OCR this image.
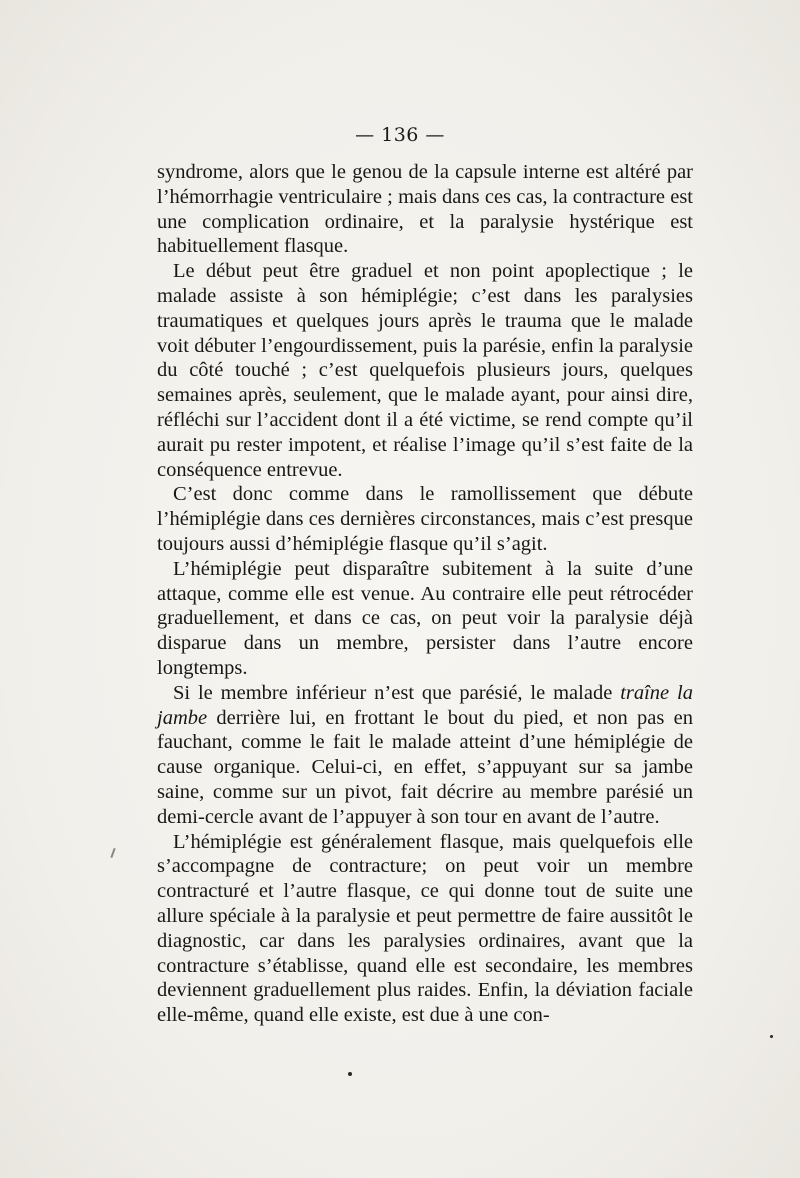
— 136 —

syndrome, alors que le genou de la capsule interne est altéré par l’hémorrhagie ventriculaire ; mais dans ces cas, la contracture est une complication ordinaire, et la paralysie hystérique est habituellement flasque.

Le début peut être graduel et non point apoplectique ; le malade assiste à son hémiplégie; c’est dans les paralysies traumatiques et quelques jours après le trauma que le malade voit débuter l’engourdissement, puis la parésie, enfin la paralysie du côté touché ; c’est quelquefois plusieurs jours, quelques semaines après, seulement, que le malade ayant, pour ainsi dire, réfléchi sur l’accident dont il a été victime, se rend compte qu’il aurait pu rester impotent, et réalise l’image qu’il s’est faite de la conséquence entrevue.

C’est donc comme dans le ramollissement que débute l’hémiplégie dans ces dernières circonstances, mais c’est presque toujours aussi d’hémiplégie flasque qu’il s’agit.

L’hémiplégie peut disparaître subitement à la suite d’une attaque, comme elle est venue. Au contraire elle peut rétrocéder graduellement, et dans ce cas, on peut voir la paralysie déjà disparue dans un membre, persister dans l’autre encore longtemps.

Si le membre inférieur n’est que parésié, le malade traîne la jambe derrière lui, en frottant le bout du pied, et non pas en fauchant, comme le fait le malade atteint d’une hémiplégie de cause organique. Celui-ci, en effet, s’appuyant sur sa jambe saine, comme sur un pivot, fait décrire au membre parésié un demi-cercle avant de l’appuyer à son tour en avant de l’autre.

L’hémiplégie est généralement flasque, mais quelquefois elle s’accompagne de contracture; on peut voir un membre contracturé et l’autre flasque, ce qui donne tout de suite une allure spéciale à la paralysie et peut permettre de faire aussitôt le diagnostic, car dans les paralysies ordinaires, avant que la contracture s’établisse, quand elle est secondaire, les membres deviennent graduellement plus raides. Enfin, la déviation faciale elle-même, quand elle existe, est due à une con-
